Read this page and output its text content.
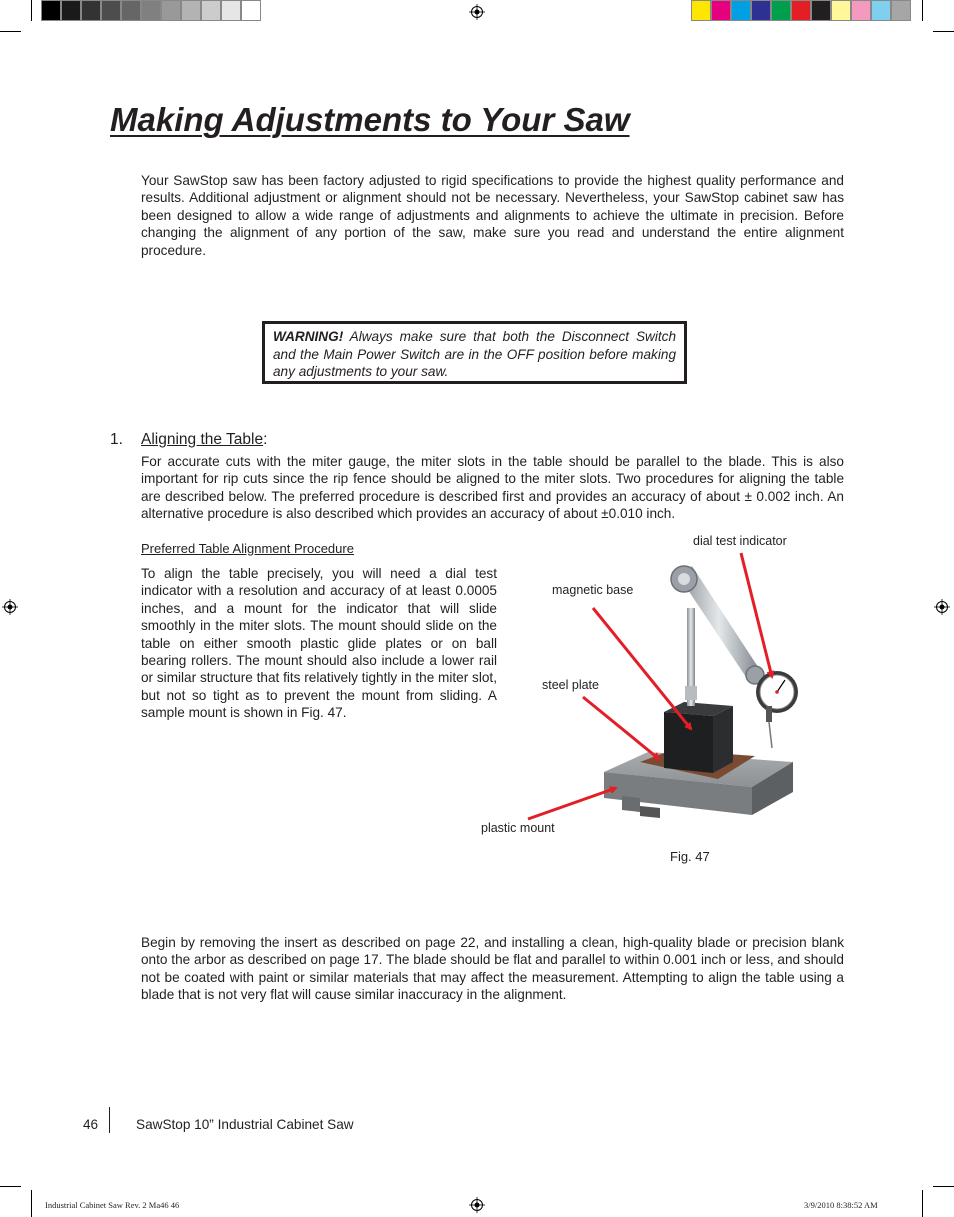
Making Adjustments to Your Saw
Your SawStop saw has been factory adjusted to rigid specifications to provide the highest quality performance and results. Additional adjustment or alignment should not be necessary. Nevertheless, your SawStop cabinet saw has been designed to allow a wide range of adjustments and alignments to achieve the ultimate in precision. Before changing the alignment of any portion of the saw, make sure you read and understand the entire alignment procedure.
WARNING! Always make sure that both the Disconnect Switch and the Main Power Switch are in the OFF position before making any adjustments to your saw.
1. Aligning the Table:
For accurate cuts with the miter gauge, the miter slots in the table should be parallel to the blade. This is also important for rip cuts since the rip fence should be aligned to the miter slots. Two procedures for aligning the table are described below. The preferred procedure is described first and provides an accuracy of about ± 0.002 inch. An alternative procedure is also described which provides an accuracy of about ±0.010 inch.
Preferred Table Alignment Procedure
To align the table precisely, you will need a dial test indicator with a resolution and accuracy of at least 0.0005 inches, and a mount for the indicator that will slide smoothly in the miter slots. The mount should slide on the table on either smooth plastic glide plates or on ball bearing rollers. The mount should also include a lower rail or similar structure that fits relatively tightly in the miter slot, but not so tight as to prevent the mount from sliding. A sample mount is shown in Fig. 47.
dial test indicator
magnetic base
steel plate
plastic mount
Fig. 47
Begin by removing the insert as described on page 22, and installing a clean, high-quality blade or precision blank onto the arbor as described on page 17. The blade should be flat and parallel to within 0.001 inch or less, and should not be coated with paint or similar materials that may affect the measurement. Attempting to align the table using a blade that is not very flat will cause similar inaccuracy in the alignment.
46	SawStop 10” Industrial Cabinet Saw
Industrial Cabinet Saw Rev. 2 Ma46 46	3/9/2010 8:38:52 AM
